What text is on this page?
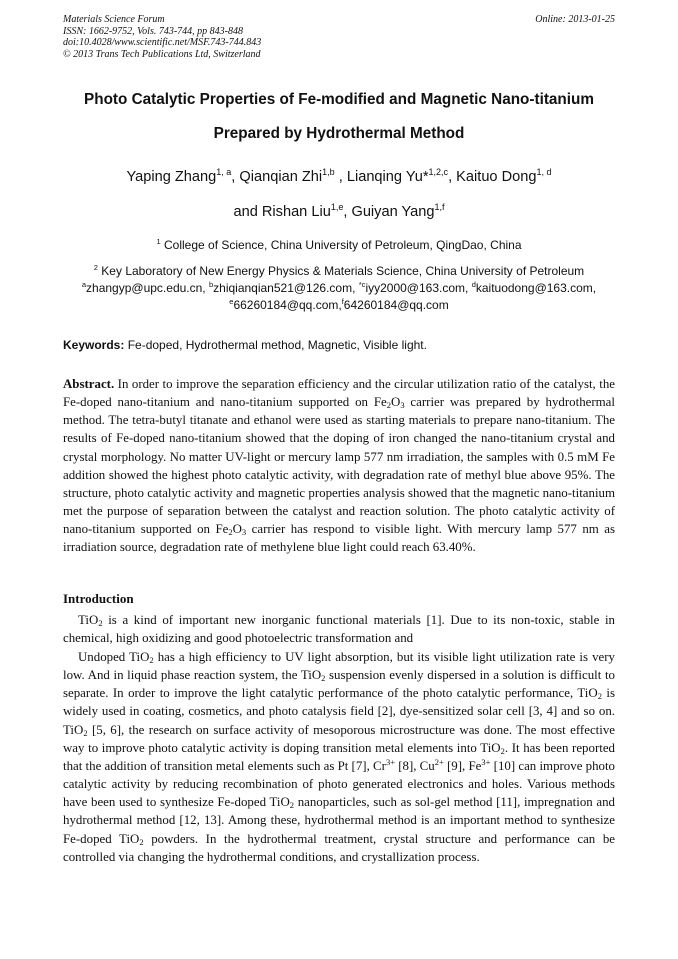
Materials Science Forum
ISSN: 1662-9752, Vols. 743-744, pp 843-848
doi:10.4028/www.scientific.net/MSF.743-744.843
© 2013 Trans Tech Publications Ltd, Switzerland
Online: 2013-01-25
Photo Catalytic Properties of Fe-modified and Magnetic Nano-titanium
Prepared by Hydrothermal Method
Yaping Zhang$^{1, a}$, Qianqian Zhi$^{1,b}$ , Lianqing Yu*$^{1,2,c}$, Kaituo Dong$^{1, d}$
and Rishan Liu$^{1,e}$, Guiyan Yang$^{1,f}$
$^1$ College of Science, China University of Petroleum, QingDao, China
$^2$ Key Laboratory of New Energy Physics & Materials Science, China University of Petroleum
$^a$zhangyp@upc.edu.cn, $^b$zhiqianqian521@126.com, $^{*c}$iyy2000@163.com, $^d$kaituodong@163.com,
$^e$66260184@qq.com,$^f$64260184@qq.com
Keywords: Fe-doped, Hydrothermal method, Magnetic, Visible light.
Abstract. In order to improve the separation efficiency and the circular utilization ratio of the catalyst, the Fe-doped nano-titanium and nano-titanium supported on $Fe_2O_3$ carrier was prepared by hydrothermal method. The tetra-butyl titanate and ethanol were used as starting materials to prepare nano-titanium. The results of Fe-doped nano-titanium showed that the doping of iron changed the nano-titanium crystal and crystal morphology. No matter UV-light or mercury lamp 577 nm irradiation, the samples with 0.5 mM Fe addition showed the highest photo catalytic activity, with degradation rate of methyl blue above 95%. The structure, photo catalytic activity and magnetic properties analysis showed that the magnetic nano-titanium met the purpose of separation between the catalyst and reaction solution. The photo catalytic activity of nano-titanium supported on $Fe_2O_3$ carrier has respond to visible light. With mercury lamp 577 nm as irradiation source, degradation rate of methylene blue light could reach 63.40%.
Introduction
TiO$_2$ is a kind of important new inorganic functional materials [1]. Due to its non-toxic, stable in chemical, high oxidizing and good photoelectric transformation and
Undoped TiO$_2$ has a high efficiency to UV light absorption, but its visible light utilization rate is very low. And in liquid phase reaction system, the TiO$_2$ suspension evenly dispersed in a solution is difficult to separate. In order to improve the light catalytic performance of the photo catalytic performance, TiO$_2$ is widely used in coating, cosmetics, and photo catalysis field [2], dye-sensitized solar cell [3, 4] and so on. TiO$_2$ [5, 6], the research on surface activity of mesoporous microstructure was done. The most effective way to improve photo catalytic activity is doping transition metal elements into TiO$_2$. It has been reported that the addition of transition metal elements such as Pt [7], $Cr^{3+}$ [8], $Cu^{2+}$ [9], $Fe^{3+}$ [10] can improve photo catalytic activity by reducing recombination of photo generated electronics and holes. Various methods have been used to synthesize Fe-doped TiO$_2$ nanoparticles, such as sol-gel method [11], impregnation and hydrothermal method [12, 13]. Among these, hydrothermal method is an important method to synthesize Fe-doped TiO$_2$ powders. In the hydrothermal treatment, crystal structure and performance can be controlled via changing the hydrothermal conditions, and crystallization process.
